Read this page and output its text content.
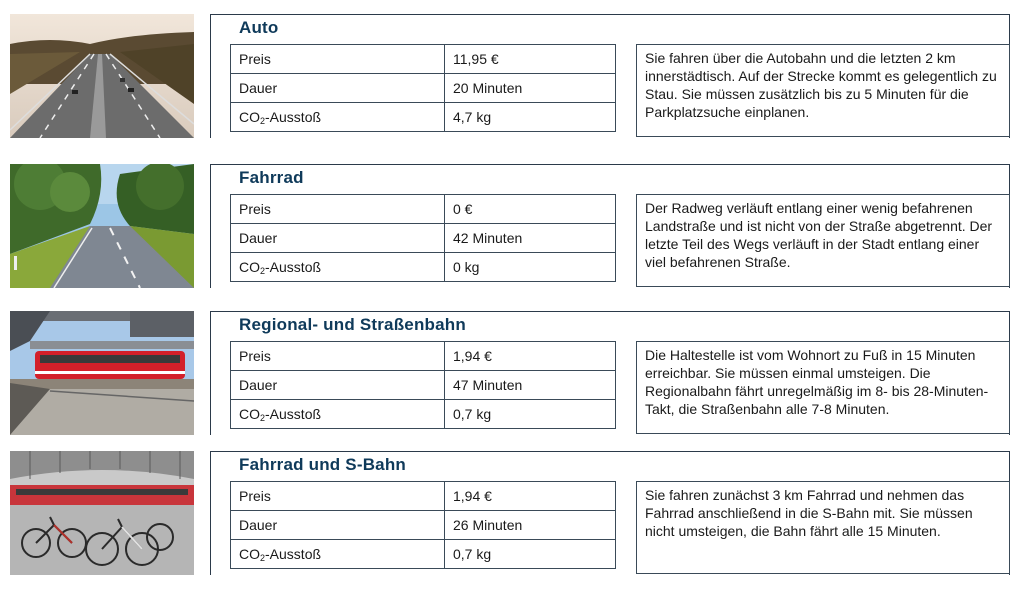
Auto
Preis	11,95 €
Dauer	20 Minuten
$CO_2$-Ausstoß	4,7 kg
Sie fahren über die Autobahn und die letzten 2 km innerstädtisch. Auf der Strecke kommt es gelegentlich zu Stau. Sie müssen zusätzlich bis zu 5 Minuten für die Parkplatzsuche einplanen.
Fahrrad
Preis	0 €
Dauer	42 Minuten
$CO_2$-Ausstoß	0 kg
Der Radweg verläuft entlang einer wenig befahrenen Landstraße und ist nicht von der Straße abgetrennt. Der letzte Teil des Wegs verläuft in der Stadt entlang einer viel befahrenen Straße.
Regional- und Straßenbahn
Preis	1,94 €
Dauer	47 Minuten
$CO_2$-Ausstoß	0,7 kg
Die Haltestelle ist vom Wohnort zu Fuß in 15 Minuten erreichbar. Sie müssen einmal umsteigen. Die Regionalbahn fährt unregelmäßig im 8- bis 28-Minuten-Takt, die Straßenbahn alle 7-8 Minuten.
Fahrrad und S-Bahn
Preis	1,94 €
Dauer	26 Minuten
$CO_2$-Ausstoß	0,7 kg
Sie fahren zunächst 3 km Fahrrad und nehmen das Fahrrad anschließend in die S-Bahn mit. Sie müssen nicht umsteigen, die Bahn fährt alle 15 Minuten.
